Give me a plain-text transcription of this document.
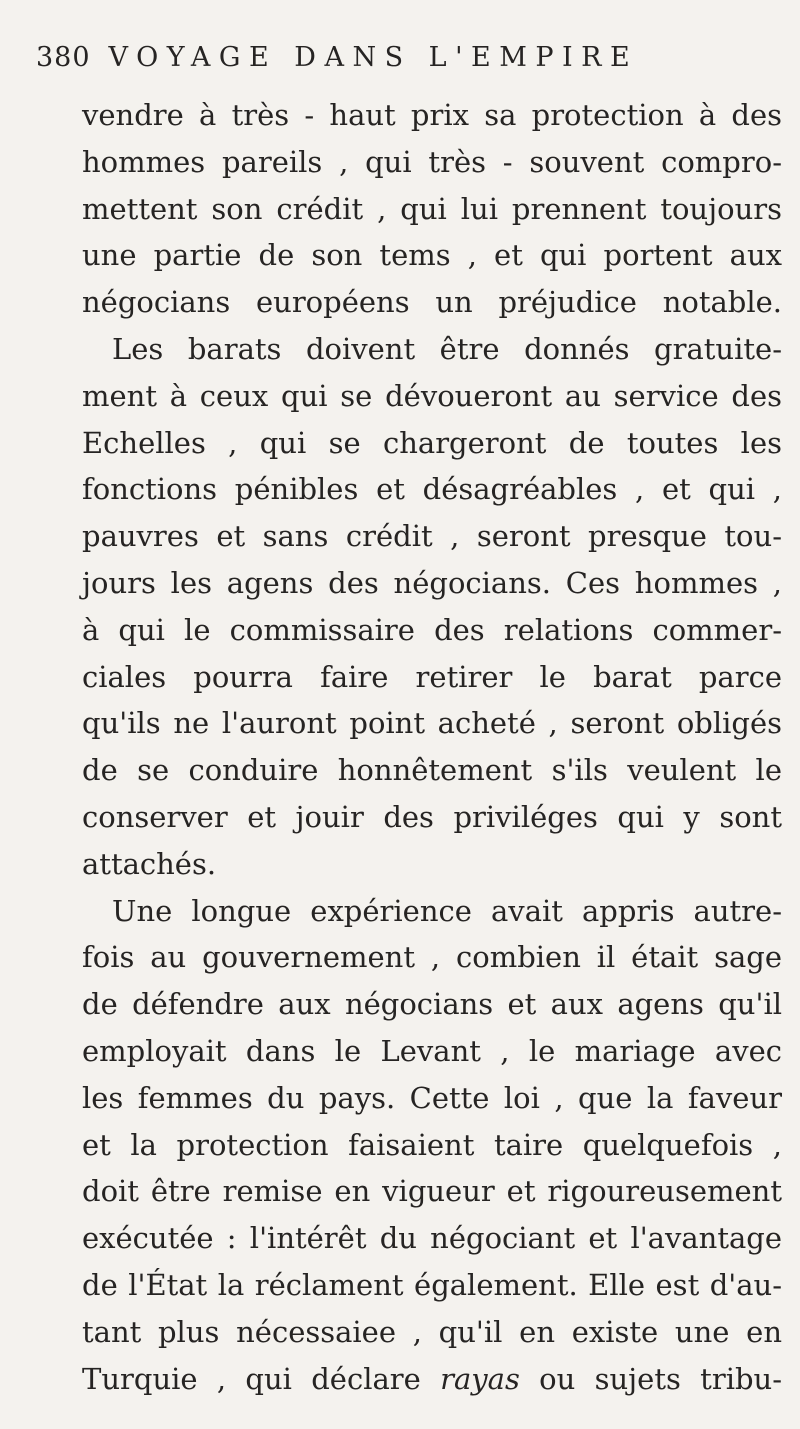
380 VOYAGE DANS L'EMPIRE
vendre à très - haut prix sa protection à des
hommes pareils , qui très - souvent compro-
mettent son crédit , qui lui prennent toujours
une partie de son tems , et qui portent aux
négocians européens un préjudice notable.
Les barats doivent être donnés gratuite-
ment à ceux qui se dévoueront au service des
Echelles , qui se chargeront de toutes les
fonctions pénibles et désagréables , et qui ,
pauvres et sans crédit , seront presque tou-
jours les agens des négocians. Ces hommes ,
à qui le commissaire des relations commer-
ciales pourra faire retirer le barat parce
qu'ils ne l'auront point acheté , seront obligés
de se conduire honnêtement s'ils veulent le
conserver et jouir des priviléges qui y sont
attachés.
Une longue expérience avait appris autre-
fois au gouvernement , combien il était sage
de défendre aux négocians et aux agens qu'il
employait dans le Levant , le mariage avec
les femmes du pays. Cette loi , que la faveur
et la protection faisaient taire quelquefois ,
doit être remise en vigueur et rigoureusement
exécutée : l'intérêt du négociant et l'avantage
de l'État la réclament également. Elle est d'au-
tant plus nécessaiee , qu'il en existe une en
Turquie , qui déclare rayas ou sujets tribu-
